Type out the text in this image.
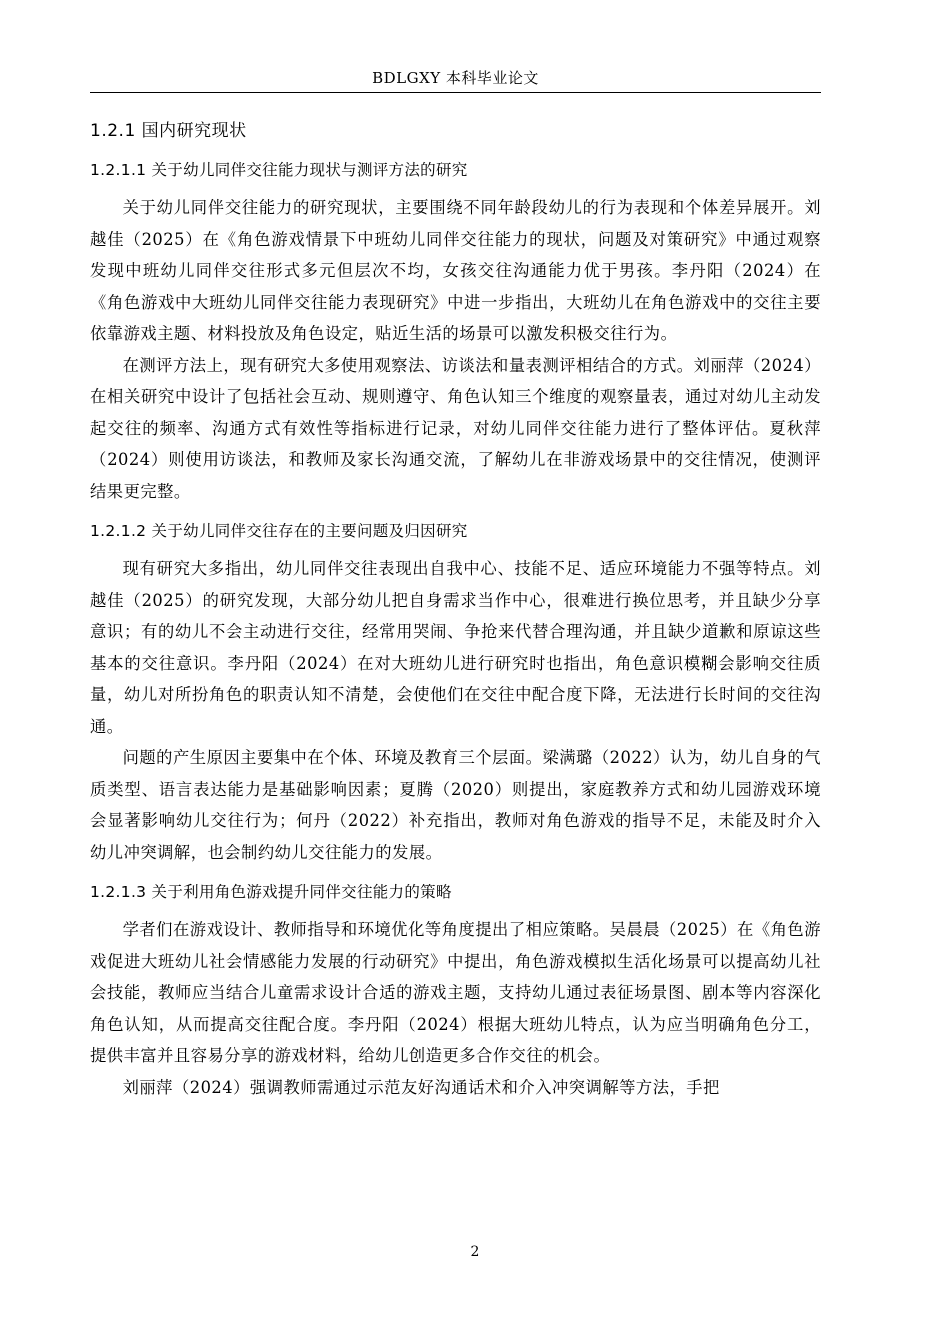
BDLGXY 本科毕业论文
1.2.1 国内研究现状
1.2.1.1 关于幼儿同伴交往能力现状与测评方法的研究

关于幼儿同伴交往能力的研究现状，主要围绕不同年龄段幼儿的行为表现和个体差异展开。刘越佳（2025）在《角色游戏情景下中班幼儿同伴交往能力的现状，问题及对策研究》中通过观察发现中班幼儿同伴交往形式多元但层次不均，女孩交往沟通能力优于男孩。李丹阳（2024）在《角色游戏中大班幼儿同伴交往能力表现研究》中进一步指出，大班幼儿在角色游戏中的交往主要依靠游戏主题、材料投放及角色设定，贴近生活的场景可以激发积极交往行为。

在测评方法上，现有研究大多使用观察法、访谈法和量表测评相结合的方式。刘丽萍（2024）在相关研究中设计了包括社会互动、规则遵守、角色认知三个维度的观察量表，通过对幼儿主动发起交往的频率、沟通方式有效性等指标进行记录，对幼儿同伴交往能力进行了整体评估。夏秋萍（2024）则使用访谈法，和教师及家长沟通交流，了解幼儿在非游戏场景中的交往情况，使测评结果更完整。

1.2.1.2 关于幼儿同伴交往存在的主要问题及归因研究

现有研究大多指出，幼儿同伴交往表现出自我中心、技能不足、适应环境能力不强等特点。刘越佳（2025）的研究发现，大部分幼儿把自身需求当作中心，很难进行换位思考，并且缺少分享意识；有的幼儿不会主动进行交往，经常用哭闹、争抢来代替合理沟通，并且缺少道歉和原谅这些基本的交往意识。李丹阳（2024）在对大班幼儿进行研究时也指出，角色意识模糊会影响交往质量，幼儿对所扮角色的职责认知不清楚，会使他们在交往中配合度下降，无法进行长时间的交往沟通。

问题的产生原因主要集中在个体、环境及教育三个层面。梁满璐（2022）认为，幼儿自身的气质类型、语言表达能力是基础影响因素；夏腾（2020）则提出，家庭教养方式和幼儿园游戏环境会显著影响幼儿交往行为；何丹（2022）补充指出，教师对角色游戏的指导不足，未能及时介入幼儿冲突调解，也会制约幼儿交往能力的发展。

1.2.1.3 关于利用角色游戏提升同伴交往能力的策略

学者们在游戏设计、教师指导和环境优化等角度提出了相应策略。吴晨晨（2025）在《角色游戏促进大班幼儿社会情感能力发展的行动研究》中提出，角色游戏模拟生活化场景可以提高幼儿社会技能，教师应当结合儿童需求设计合适的游戏主题，支持幼儿通过表征场景图、剧本等内容深化角色认知，从而提高交往配合度。李丹阳（2024）根据大班幼儿特点，认为应当明确角色分工，提供丰富并且容易分享的游戏材料，给幼儿创造更多合作交往的机会。

刘丽萍（2024）强调教师需通过示范友好沟通话术和介入冲突调解等方法，手把

2
